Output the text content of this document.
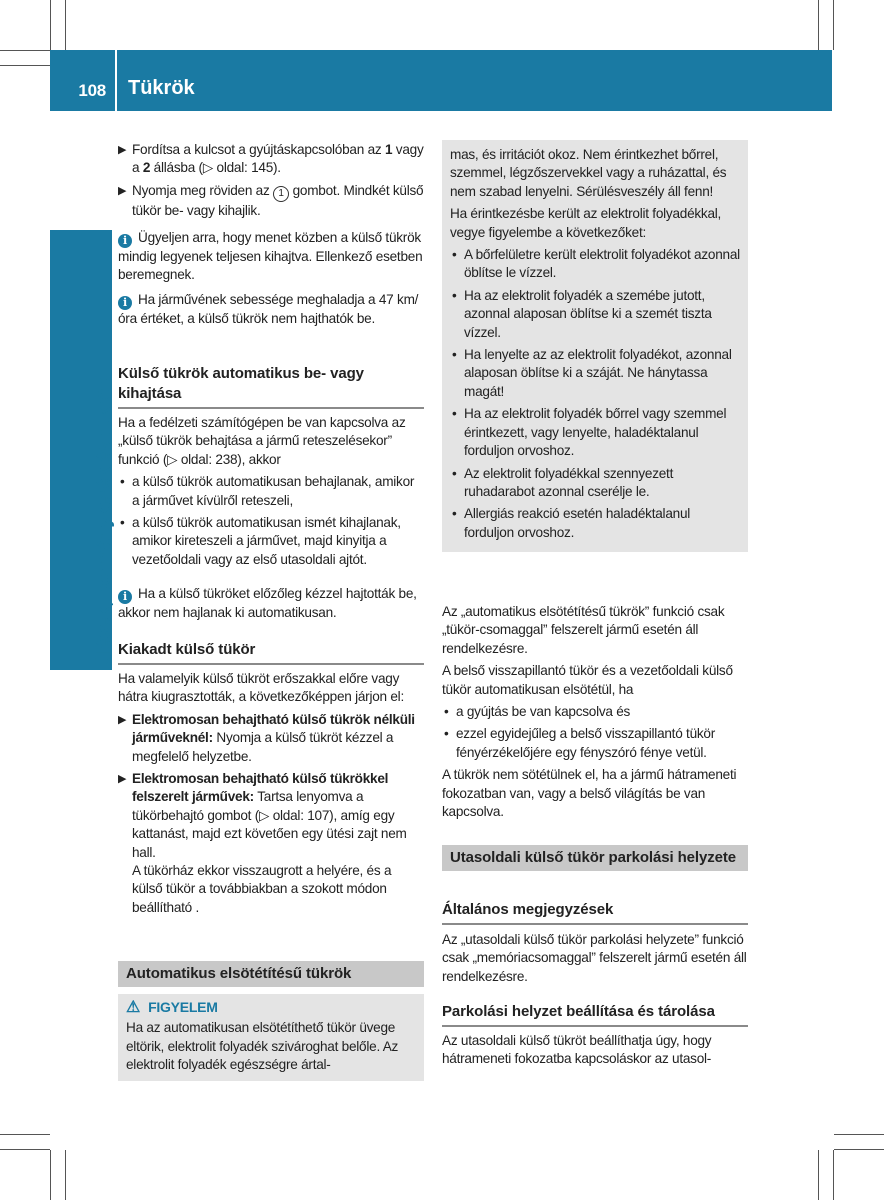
108	Tükrök
Ülések, kormánykerék és tükrök
▶ Fordítsa a kulcsot a gyújtáskapcsolóban az 1 vagy a 2 állásba (▷ oldal: 145).
▶ Nyomja meg röviden az 1 gombot. Mindkét külső tükör be- vagy kihajlik.
i Ügyeljen arra, hogy menet közben a külső tükrök mindig legyenek teljesen kihajtva. Ellenkező esetben beremegnek.
i Ha járművének sebessége meghaladja a 47 km/óra értéket, a külső tükrök nem hajthatók be.
Külső tükrök automatikus be- vagy kihajtása

Ha a fedélzeti számítógépen be van kapcsolva az „külső tükrök behajtása a jármű reteszelésekor” funkció (▷ oldal: 238), akkor

• a külső tükrök automatikusan behajlanak, amikor a járművet kívülről reteszeli,
• a külső tükrök automatikusan ismét kihajlanak, amikor kireteszeli a járművet, majd kinyitja a vezetőoldali vagy az első utasoldali ajtót.
i Ha a külső tükröket előzőleg kézzel hajtották be, akkor nem hajlanak ki automatikusan.
Kiakadt külső tükör

Ha valamelyik külső tükröt erőszakkal előre vagy hátra kiugrasztották, a következőképpen járjon el:

▶ Elektromosan behajtható külső tükrök nélküli járműveknél: Nyomja a külső tükröt kézzel a megfelelő helyzetbe.
▶ Elektromosan behajtható külső tükrökkel felszerelt járművek: Tartsa lenyomva a tükörbehajtó gombot (▷ oldal: 107), amíg egy kattanást, majd ezt követően egy ütési zajt nem hall.
A tükörház ekkor visszaugrott a helyére, és a külső tükör a továbbiakban a szokott módon beállítható .
Automatikus elsötétítésű tükrök
⚠ FIGYELEM
Ha az automatikusan elsötétíthető tükör üvege eltörik, elektrolit folyadék szivároghat belőle. Az elektrolit folyadék egészségre ártal-

mas, és irritációt okoz. Nem érintkezhet bőrrel, szemmel, légzőszervekkel vagy a ruházattal, és nem szabad lenyelni. Sérülésveszély áll fenn!

Ha érintkezésbe került az elektrolit folyadékkal, vegye figyelembe a következőket:

• A bőrfelületre került elektrolit folyadékot azonnal öblítse le vízzel.
• Ha az elektrolit folyadék a szemébe jutott, azonnal alaposan öblítse ki a szemét tiszta vízzel.
• Ha lenyelte az az elektrolit folyadékot, azonnal alaposan öblítse ki a száját. Ne hánytassa magát!
• Ha az elektrolit folyadék bőrrel vagy szemmel érintkezett, vagy lenyelte, haladéktalanul forduljon orvoshoz.
• Az elektrolit folyadékkal szennyezett ruhadarabot azonnal cserélje le.
• Allergiás reakció esetén haladéktalanul forduljon orvoshoz.

Az „automatikus elsötétítésű tükrök” funkció csak „tükör-csomaggal” felszerelt jármű esetén áll rendelkezésre.

A belső visszapillantó tükör és a vezetőoldali külső tükör automatikusan elsötétül, ha

• a gyújtás be van kapcsolva és
• ezzel egyidejűleg a belső visszapillantó tükör fényérzékelőjére egy fényszóró fénye vetül.

A tükrök nem sötétülnek el, ha a jármű hátrameneti fokozatban van, vagy a belső világítás be van kapcsolva.

Utasoldali külső tükör parkolási helyzete
Általános megjegyzések

Az „utasoldali külső tükör parkolási helyzete” funkció csak „memóriacsomaggal” felszerelt jármű esetén áll rendelkezésre.

Parkolási helyzet beállítása és tárolása

Az utasoldali külső tükröt beállíthatja úgy, hogy hátrameneti fokozatba kapcsoláskor az utasol-
